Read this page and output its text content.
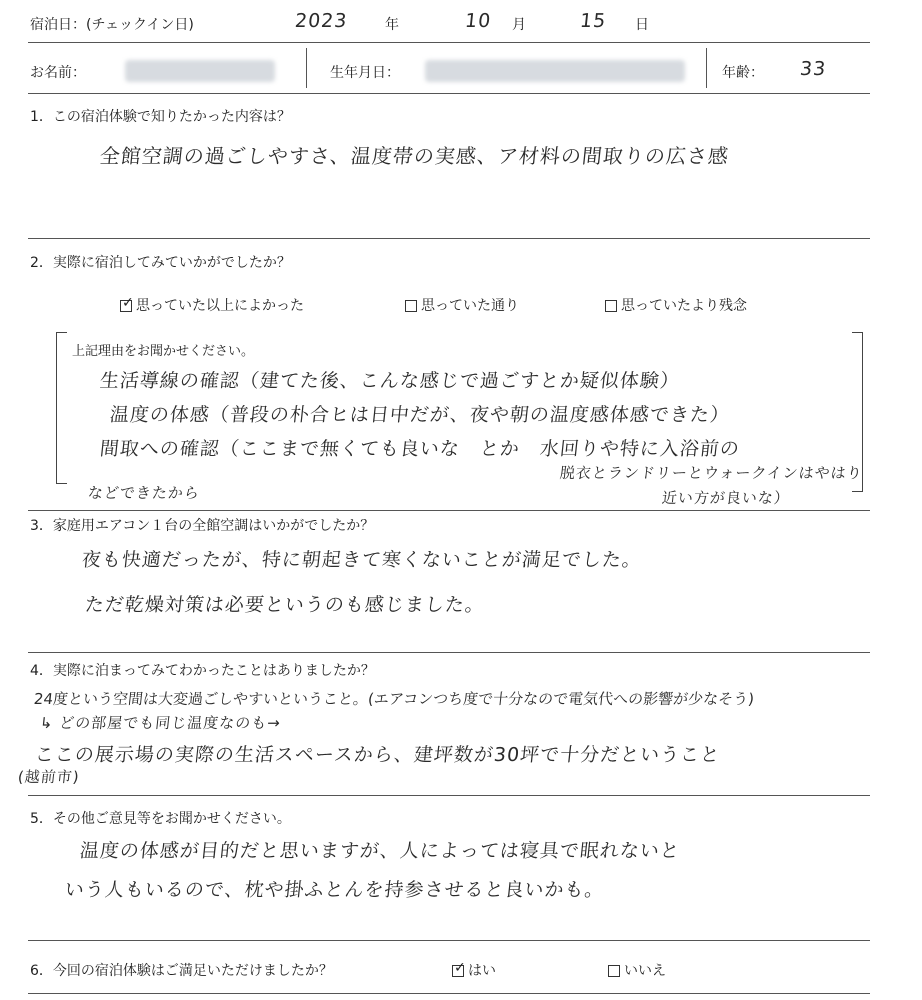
宿泊日：(チェックイン日)	2023	年	10 月	15 日
お名前：	生年月日：	年齢： 33
1．この宿泊体験で知りたかった内容は？
全館空調の過ごしやすさ、温度帯の実感、ア材料の間取りの広さ感
2．実際に宿泊してみていかがでしたか？
✓ 思っていた以上によかった	思っていた通り	思っていたより残念
上記理由をお聞かせください。
生活導線の確認（建てた後、こんな感じで過ごすとか疑似体験）
温度の体感（普段の朴合ヒは日中だが、夜や朝の温度感体感できた）
間取への確認（ここまで無くても良いな　とか　水回りや特に入浴前の
脱衣とランドリーとウォークインはやはり
近い方が良いな）
などできたから
3．家庭用エアコン１台の全館空調はいかがでしたか？
夜も快適だったが、特に朝起きて寒くないことが満足でした。
ただ乾燥対策は必要というのも感じました。
4．実際に泊まってみてわかったことはありましたか？
24度という空間は大変過ごしやすいということ。(エアコンつち度で十分なので電気代への影響が少なそう)
↳ どの部屋でも同じ温度なのも→
ここの展示場の実際の生活スペースから、建坪数が30坪で十分だということ
(越前市)
5．その他ご意見等をお聞かせください。
温度の体感が目的だと思いますが、人によっては寝具で眠れないと
いう人もいるので、枕や掛ふとんを持参させると良いかも。
6．今回の宿泊体験はご満足いただけましたか？	✓ はい	いいえ
